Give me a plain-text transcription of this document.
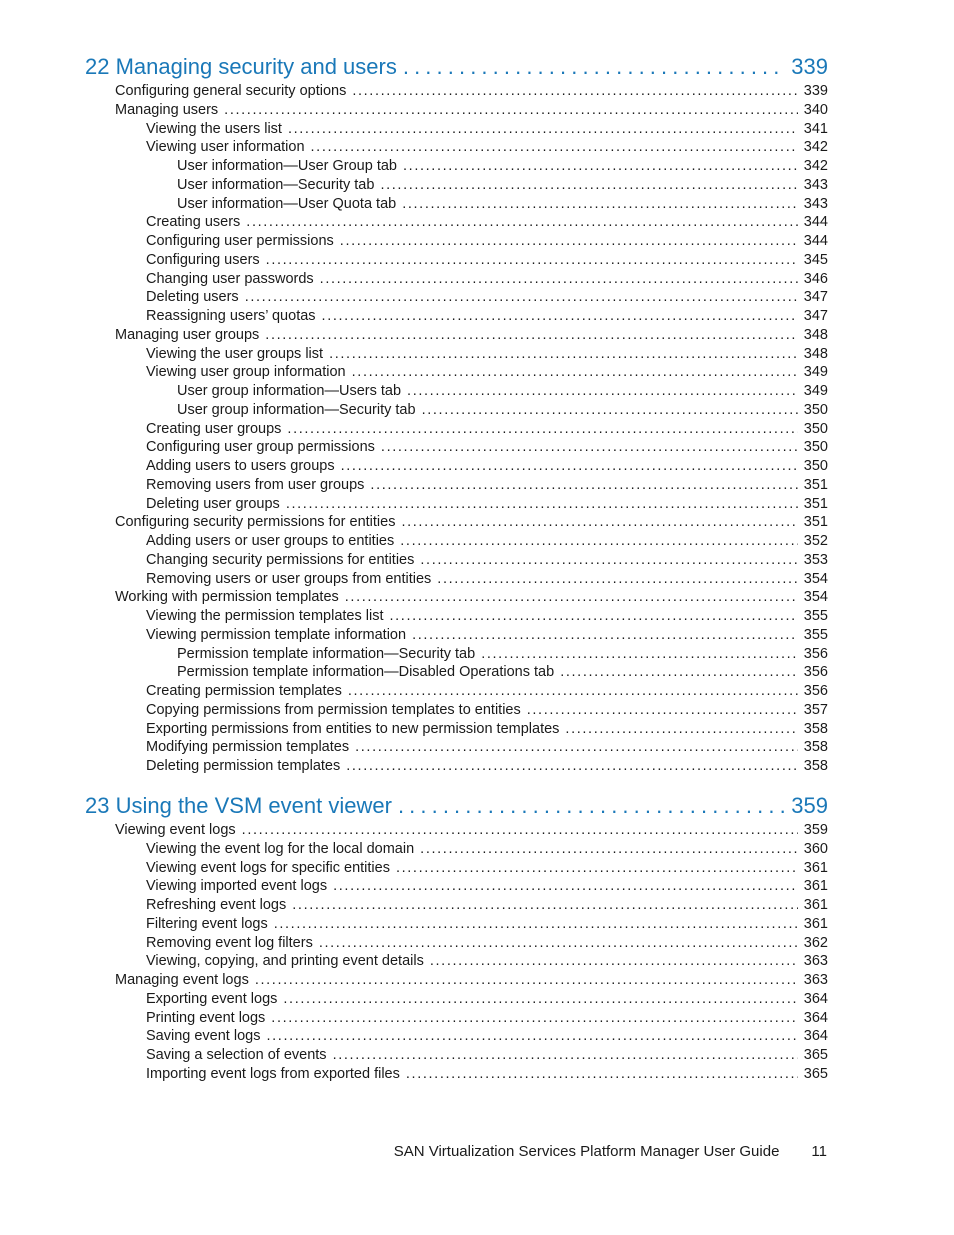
22 Managing security and users . . .	339
Configuring general security options . . .	339
Managing users . . .	340
Viewing the users list . . .	341
Viewing user information . . .	342
User information—User Group tab . . .	342
User information—Security tab . . .	343
User information—User Quota tab . . .	343
Creating users . . .	344
Configuring user permissions . . .	344
Configuring users . . .	345
Changing user passwords . . .	346
Deleting users . . .	347
Reassigning users’ quotas . . .	347
Managing user groups . . .	348
Viewing the user groups list . . .	348
Viewing user group information . . .	349
User group information—Users tab . . .	349
User group information—Security tab . . .	350
Creating user groups . . .	350
Configuring user group permissions . . .	350
Adding users to users groups . . .	350
Removing users from user groups . . .	351
Deleting user groups . . .	351
Configuring security permissions for entities . . .	351
Adding users or user groups to entities . . .	352
Changing security permissions for entities . . .	353
Removing users or user groups from entities . . .	354
Working with permission templates . . .	354
Viewing the permission templates list . . .	355
Viewing permission template information . . .	355
Permission template information—Security tab . . .	356
Permission template information—Disabled Operations tab . . .	356
Creating permission templates . . .	356
Copying permissions from permission templates to entities . . .	357
Exporting permissions from entities to new permission templates . . .	358
Modifying permission templates . . .	358
Deleting permission templates . . .	358
23 Using the VSM event viewer . . .	359
Viewing event logs . . .	359
Viewing the event log for the local domain . . .	360
Viewing event logs for specific entities . . .	361
Viewing imported event logs . . .	361
Refreshing event logs . . .	361
Filtering event logs . . .	361
Removing event log filters . . .	362
Viewing, copying, and printing event details . . .	363
Managing event logs . . .	363
Exporting event logs . . .	364
Printing event logs . . .	364
Saving event logs . . .	364
Saving a selection of events . . .	365
Importing event logs from exported files . . .	365
SAN Virtualization Services Platform Manager User Guide 11
